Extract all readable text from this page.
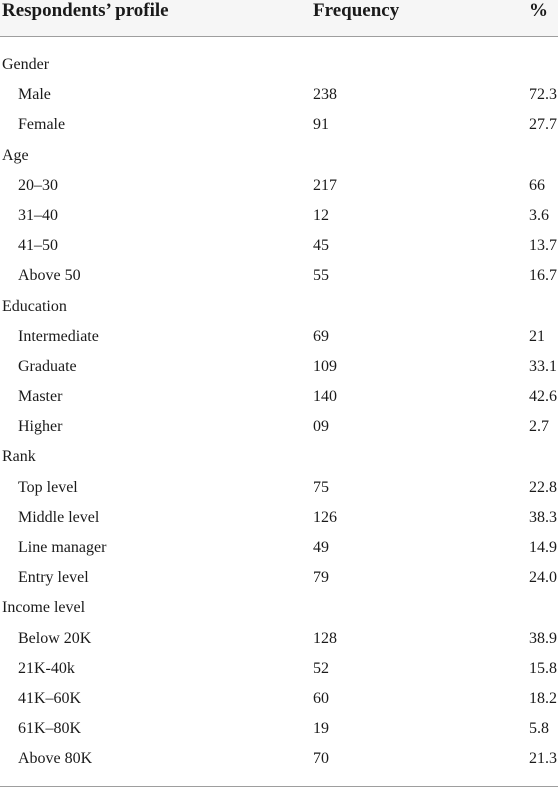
Respondents’ profile	Frequency	%
Gender
Male	238	72.3
Female	91	27.7
Age
20–30	217	66
31–40	12	3.6
41–50	45	13.7
Above 50	55	16.7
Education
Intermediate	69	21
Graduate	109	33.1
Master	140	42.6
Higher	09	2.7
Rank
Top level	75	22.8
Middle level	126	38.3
Line manager	49	14.9
Entry level	79	24.0
Income level
Below 20K	128	38.9
21K-40k	52	15.8
41K–60K	60	18.2
61K–80K	19	5.8
Above 80K	70	21.3
